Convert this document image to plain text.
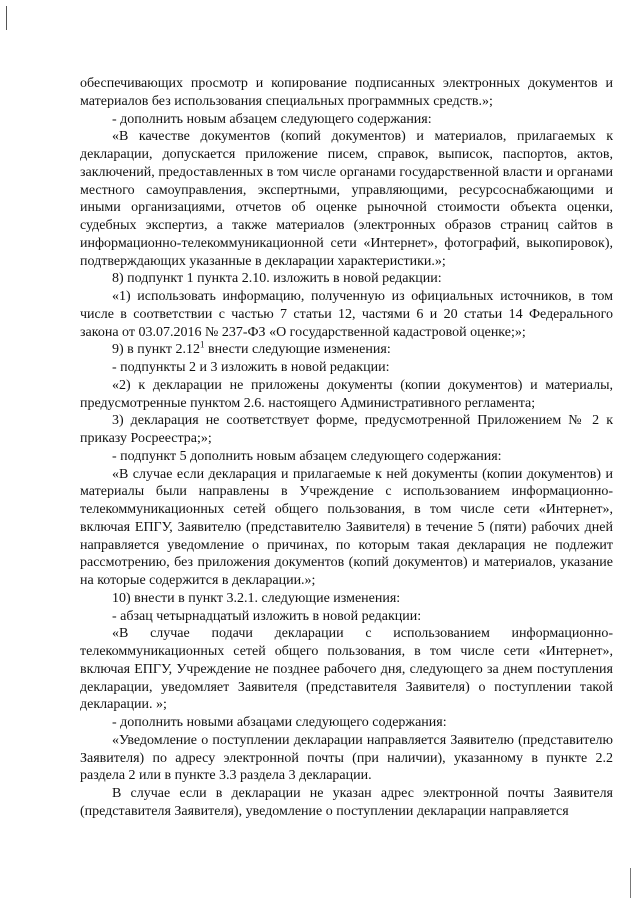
обеспечивающих просмотр и копирование подписанных электронных документов и материалов без использования специальных программных средств.»;

- дополнить новым абзацем следующего содержания:

«В качестве документов (копий документов) и материалов, прилагаемых к декларации, допускается приложение писем, справок, выписок, паспортов, актов, заключений, предоставленных в том числе органами государственной власти и органами местного самоуправления, экспертными, управляющими, ресурсоснабжающими и иными организациями, отчетов об оценке рыночной стоимости объекта оценки, судебных экспертиз, а также материалов (электронных образов страниц сайтов в информационно-телекоммуникационной сети «Интернет», фотографий, выкопировок), подтверждающих указанные в декларации характеристики.»;

8) подпункт 1 пункта 2.10. изложить в новой редакции:

«1) использовать информацию, полученную из официальных источников, в том числе в соответствии с частью 7 статьи 12, частями 6 и 20 статьи 14 Федерального закона от 03.07.2016 № 237-ФЗ «О государственной кадастровой оценке;»;

9) в пункт 2.12$^1$ внести следующие изменения:

- подпункты 2 и 3 изложить в новой редакции:

«2) к декларации не приложены документы (копии документов) и материалы, предусмотренные пунктом 2.6. настоящего Административного регламента;

3) декларация не соответствует форме, предусмотренной Приложением № 2 к приказу Росреестра;»;

- подпункт 5 дополнить новым абзацем следующего содержания:

«В случае если декларация и прилагаемые к ней документы (копии документов) и материалы были направлены в Учреждение с использованием информационно-телекоммуникационных сетей общего пользования, в том числе сети «Интернет», включая ЕПГУ, Заявителю (представителю Заявителя) в течение 5 (пяти) рабочих дней направляется уведомление о причинах, по которым такая декларация не подлежит рассмотрению, без приложения документов (копий документов) и материалов, указание на которые содержится в декларации.»;

10) внести в пункт 3.2.1. следующие изменения:

- абзац четырнадцатый изложить в новой редакции:

«В случае подачи декларации с использованием информационно-телекоммуникационных сетей общего пользования, в том числе сети «Интернет», включая ЕПГУ, Учреждение не позднее рабочего дня, следующего за днем поступления декларации, уведомляет Заявителя (представителя Заявителя) о поступлении такой декларации. »;

- дополнить новыми абзацами следующего содержания:

«Уведомление о поступлении декларации направляется Заявителю (представителю Заявителя) по адресу электронной почты (при наличии), указанному в пункте 2.2 раздела 2 или в пункте 3.3 раздела 3 декларации.

В случае если в декларации не указан адрес электронной почты Заявителя (представителя Заявителя), уведомление о поступлении декларации направляется
